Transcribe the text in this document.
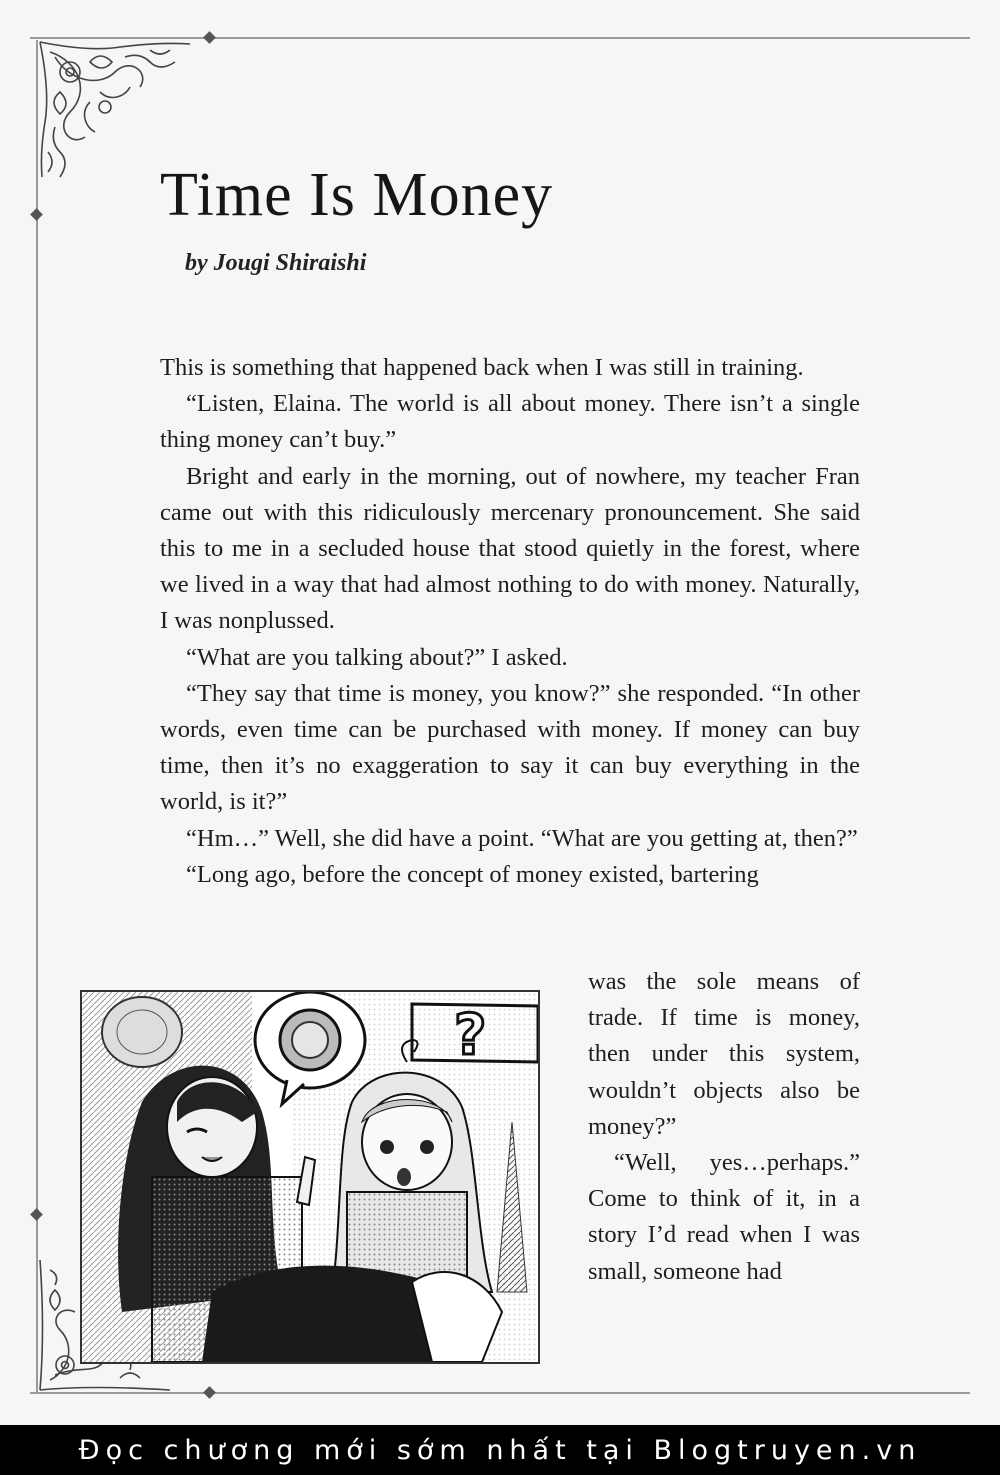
Time Is Money
by Jougi Shiraishi

This is something that happened back when I was still in training.

“Listen, Elaina. The world is all about money. There isn’t a single thing money can’t buy.”

Bright and early in the morning, out of nowhere, my teacher Fran came out with this ridiculously mercenary pronouncement. She said this to me in a secluded house that stood quietly in the forest, where we lived in a way that had almost nothing to do with money. Naturally, I was nonplussed.

“What are you talking about?” I asked.

“They say that time is money, you know?” she responded. “In other words, even time can be purchased with money. If money can buy time, then it’s no exaggeration to say it can buy everything in the world, is it?”

“Hm…” Well, she did have a point. “What are you getting at, then?”

“Long ago, before the concept of money existed, bartering

was the sole means of trade. If time is money, then under this system, wouldn’t objects also be money?”

“Well, yes…perhaps.” Come to think of it, in a story I’d read when I was small, someone had

?
Đọc chương mới sớm nhất tại Blogtruyen.vn
